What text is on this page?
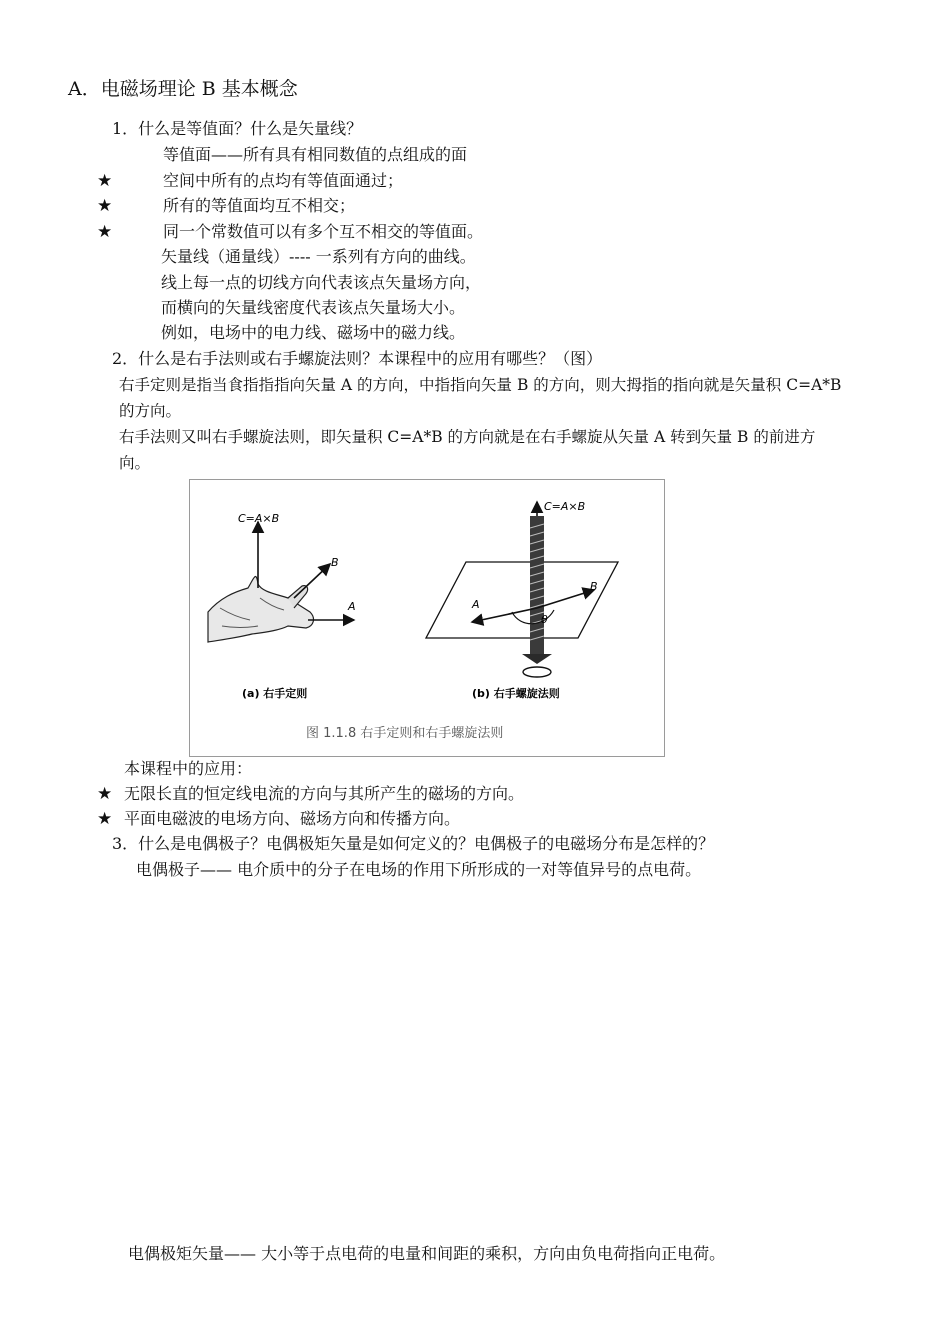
A．电磁场理论 B 基本概念
1．什么是等值面？什么是矢量线？
等值面——所有具有相同数值的点组成的面
★	空间中所有的点均有等值面通过；
★	所有的等值面均互不相交；
★	同一个常数值可以有多个互不相交的等值面。
矢量线（通量线）---- 一系列有方向的曲线。
线上每一点的切线方向代表该点矢量场方向，
而横向的矢量线密度代表该点矢量场大小。
例如，电场中的电力线、磁场中的磁力线。
2．什么是右手法则或右手螺旋法则？本课程中的应用有哪些？（图）
右手定则是指当食指指指向矢量 A 的方向，中指指向矢量 B 的方向，则大拇指的指向就是矢量积 C=A*B 的方向。
右手法则又叫右手螺旋法则，即矢量积 C=A*B 的方向就是在右手螺旋从矢量 A 转到矢量 B 的前进方向。
C=A×B
B
A
(a) 右手定则
C=A×B
A
B
θ
(b) 右手螺旋法则
图 1.1.8 右手定则和右手螺旋法则
本课程中的应用：
★ 无限长直的恒定线电流的方向与其所产生的磁场的方向。
★ 平面电磁波的电场方向、磁场方向和传播方向。
3．什么是电偶极子？电偶极矩矢量是如何定义的？电偶极子的电磁场分布是怎样的？
电偶极子—— 电介质中的分子在电场的作用下所形成的一对等值异号的点电荷。
电偶极矩矢量—— 大小等于点电荷的电量和间距的乘积，方向由负电荷指向正电荷。
